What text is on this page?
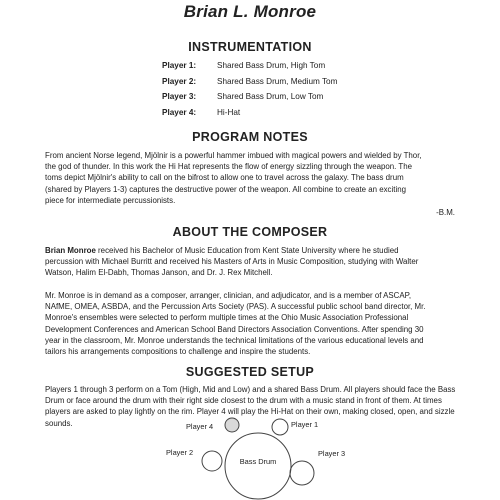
Brian L. Monroe
INSTRUMENTATION
Player 1:	Shared Bass Drum, High Tom
Player 2:	Shared Bass Drum, Medium Tom
Player 3:	Shared Bass Drum, Low Tom
Player 4:	Hi-Hat
PROGRAM NOTES

From ancient Norse legend, Mjölnir is a powerful hammer imbued with magical powers and wielded by Thor,
the god of thunder. In this work the Hi Hat represents the flow of energy sizzling through the weapon. The
toms depict Mjölnir's ability to call on the bifrost to allow one to travel across the galaxy. The bass drum
(shared by Players 1-3) captures the destructive power of the weapon. All combine to create an exciting
piece for intermediate percussionists.

-B.M.
ABOUT THE COMPOSER

Brian Monroe received his Bachelor of Music Education from Kent State University where he studied
percussion with Michael Burritt and received his Masters of Arts in Music Composition, studying with Walter
Watson, Halim El-Dabh, Thomas Janson, and Dr. J. Rex Mitchell.

Mr. Monroe is in demand as a composer, arranger, clinician, and adjudicator, and is a member of ASCAP,
NAfME, OMEA, ASBDA, and the Percussion Arts Society (PAS). A successful public school band director, Mr.
Monroe's ensembles were selected to perform multiple times at the Ohio Music Association Professional
Development Conferences and American School Band Directors Association Conventions. After spending 30
year in the classroom, Mr. Monroe understands the technical limitations of the various educational levels and
tailors his arrangements compositions to challenge and inspire the students.

SUGGESTED SETUP

Players 1 through 3 perform on a Tom (High, Mid and Low) and a shared Bass Drum. All players should face the Bass
Drum or face around the drum with their right side closest to the drum with a music stand in front of them. At times
players are asked to play lightly on the rim. Player 4 will play the Hi-Hat on their own, making closed, open, and sizzle
sounds.

Bass Drum
Player 4	Player 1
Player 2	Player 3
